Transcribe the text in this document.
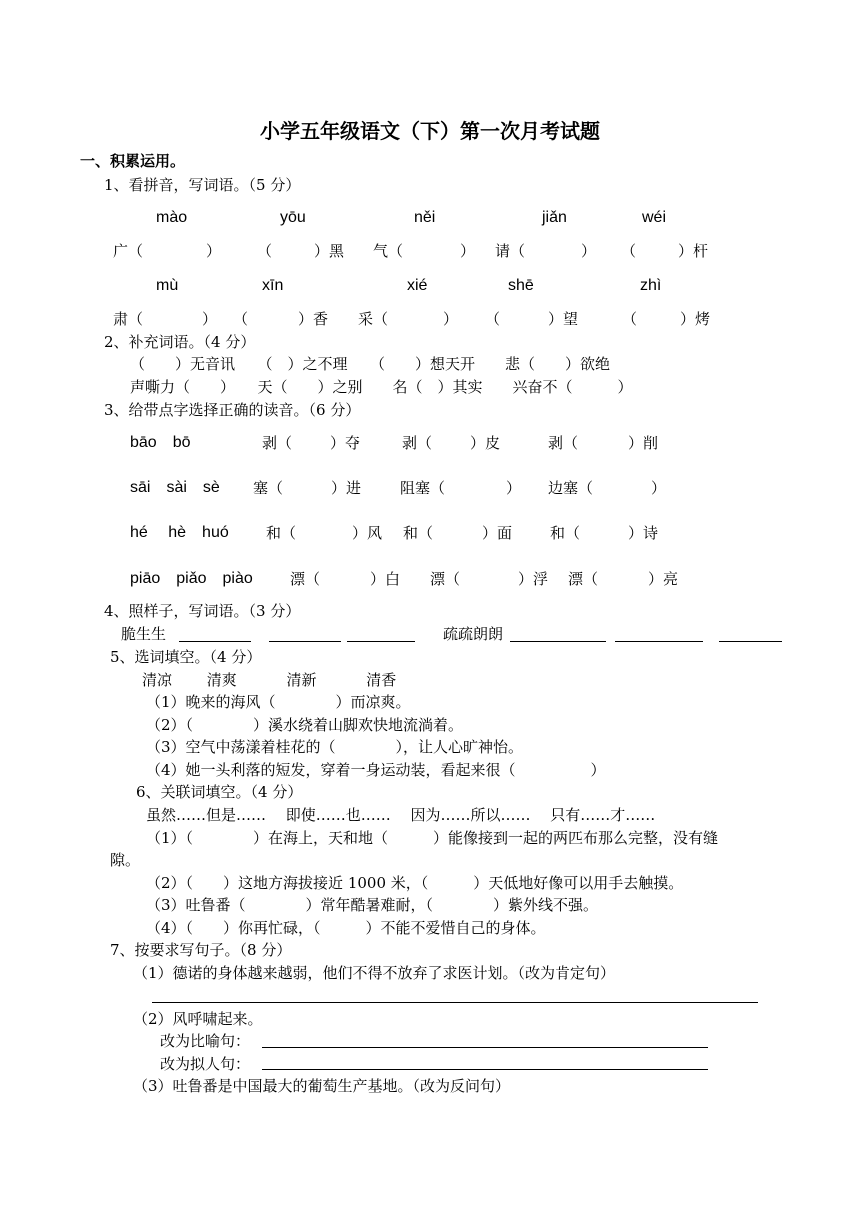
小学五年级语文（下）第一次月考试题
一、积累运用。
1、看拼音，写词语。（5 分）
mào	yōu	něi	jiǎn	wéi
广（	） （	）黑 气（	） 请（	） （	）杆
mù	xīn	xié	shē	zhì
肃（	） （	）香 采（	） （	）望	（	）烤
2、补充词语。（4 分）
（　　）无音讯　　（　）之不理　　（　　）想天开　　悲（　　）欲绝
声嘶力（　　）　　天（　　）之别　　名（　）其实　　兴奋不（　　　）
3、给带点字选择正确的读音。（6 分）
bāo　bō	剥（	）夺	剥（	）皮	剥（	）削
sāi　sài　sè 塞（	）进	阻塞（	） 边塞（	）
hé　 hè　huó 和（	）风 和（	）面	和（	）诗
piāo　piǎo　piào 漂（	）白 漂（	）浮 漂（	）亮
4、照样子，写词语。（3 分）
脆生生	疏疏朗朗
5、选词填空。（4 分）
清凉　　 清爽　　　 清新　　　 清香
（1）晚来的海风（　　　　）而凉爽。
（2）（　　　　）溪水绕着山脚欢快地流淌着。
（3）空气中荡漾着桂花的（　　　　），让人心旷神怡。
（4）她一头利落的短发，穿着一身运动装，看起来很（　　　　　）
6、关联词填空。（4 分）
虽然……但是……　 即使……也……　 因为……所以……　 只有……才……
（1）（　　　　）在海上，天和地（　　　）能像接到一起的两匹布那么完整，没有缝
隙。
（2）（　　）这地方海拔接近 1000 米，（　　　）天低地好像可以用手去触摸。
（3）吐鲁番（　　　　）常年酷暑难耐，（　　　　）紫外线不强。
（4）（　　）你再忙碌，（　　　）不能不爱惜自己的身体。
7、按要求写句子。（8 分）
（1）德诺的身体越来越弱，他们不得不放弃了求医计划。（改为肯定句）
（2）风呼啸起来。
改为比喻句：
改为拟人句：
（3）吐鲁番是中国最大的葡萄生产基地。（改为反问句）
